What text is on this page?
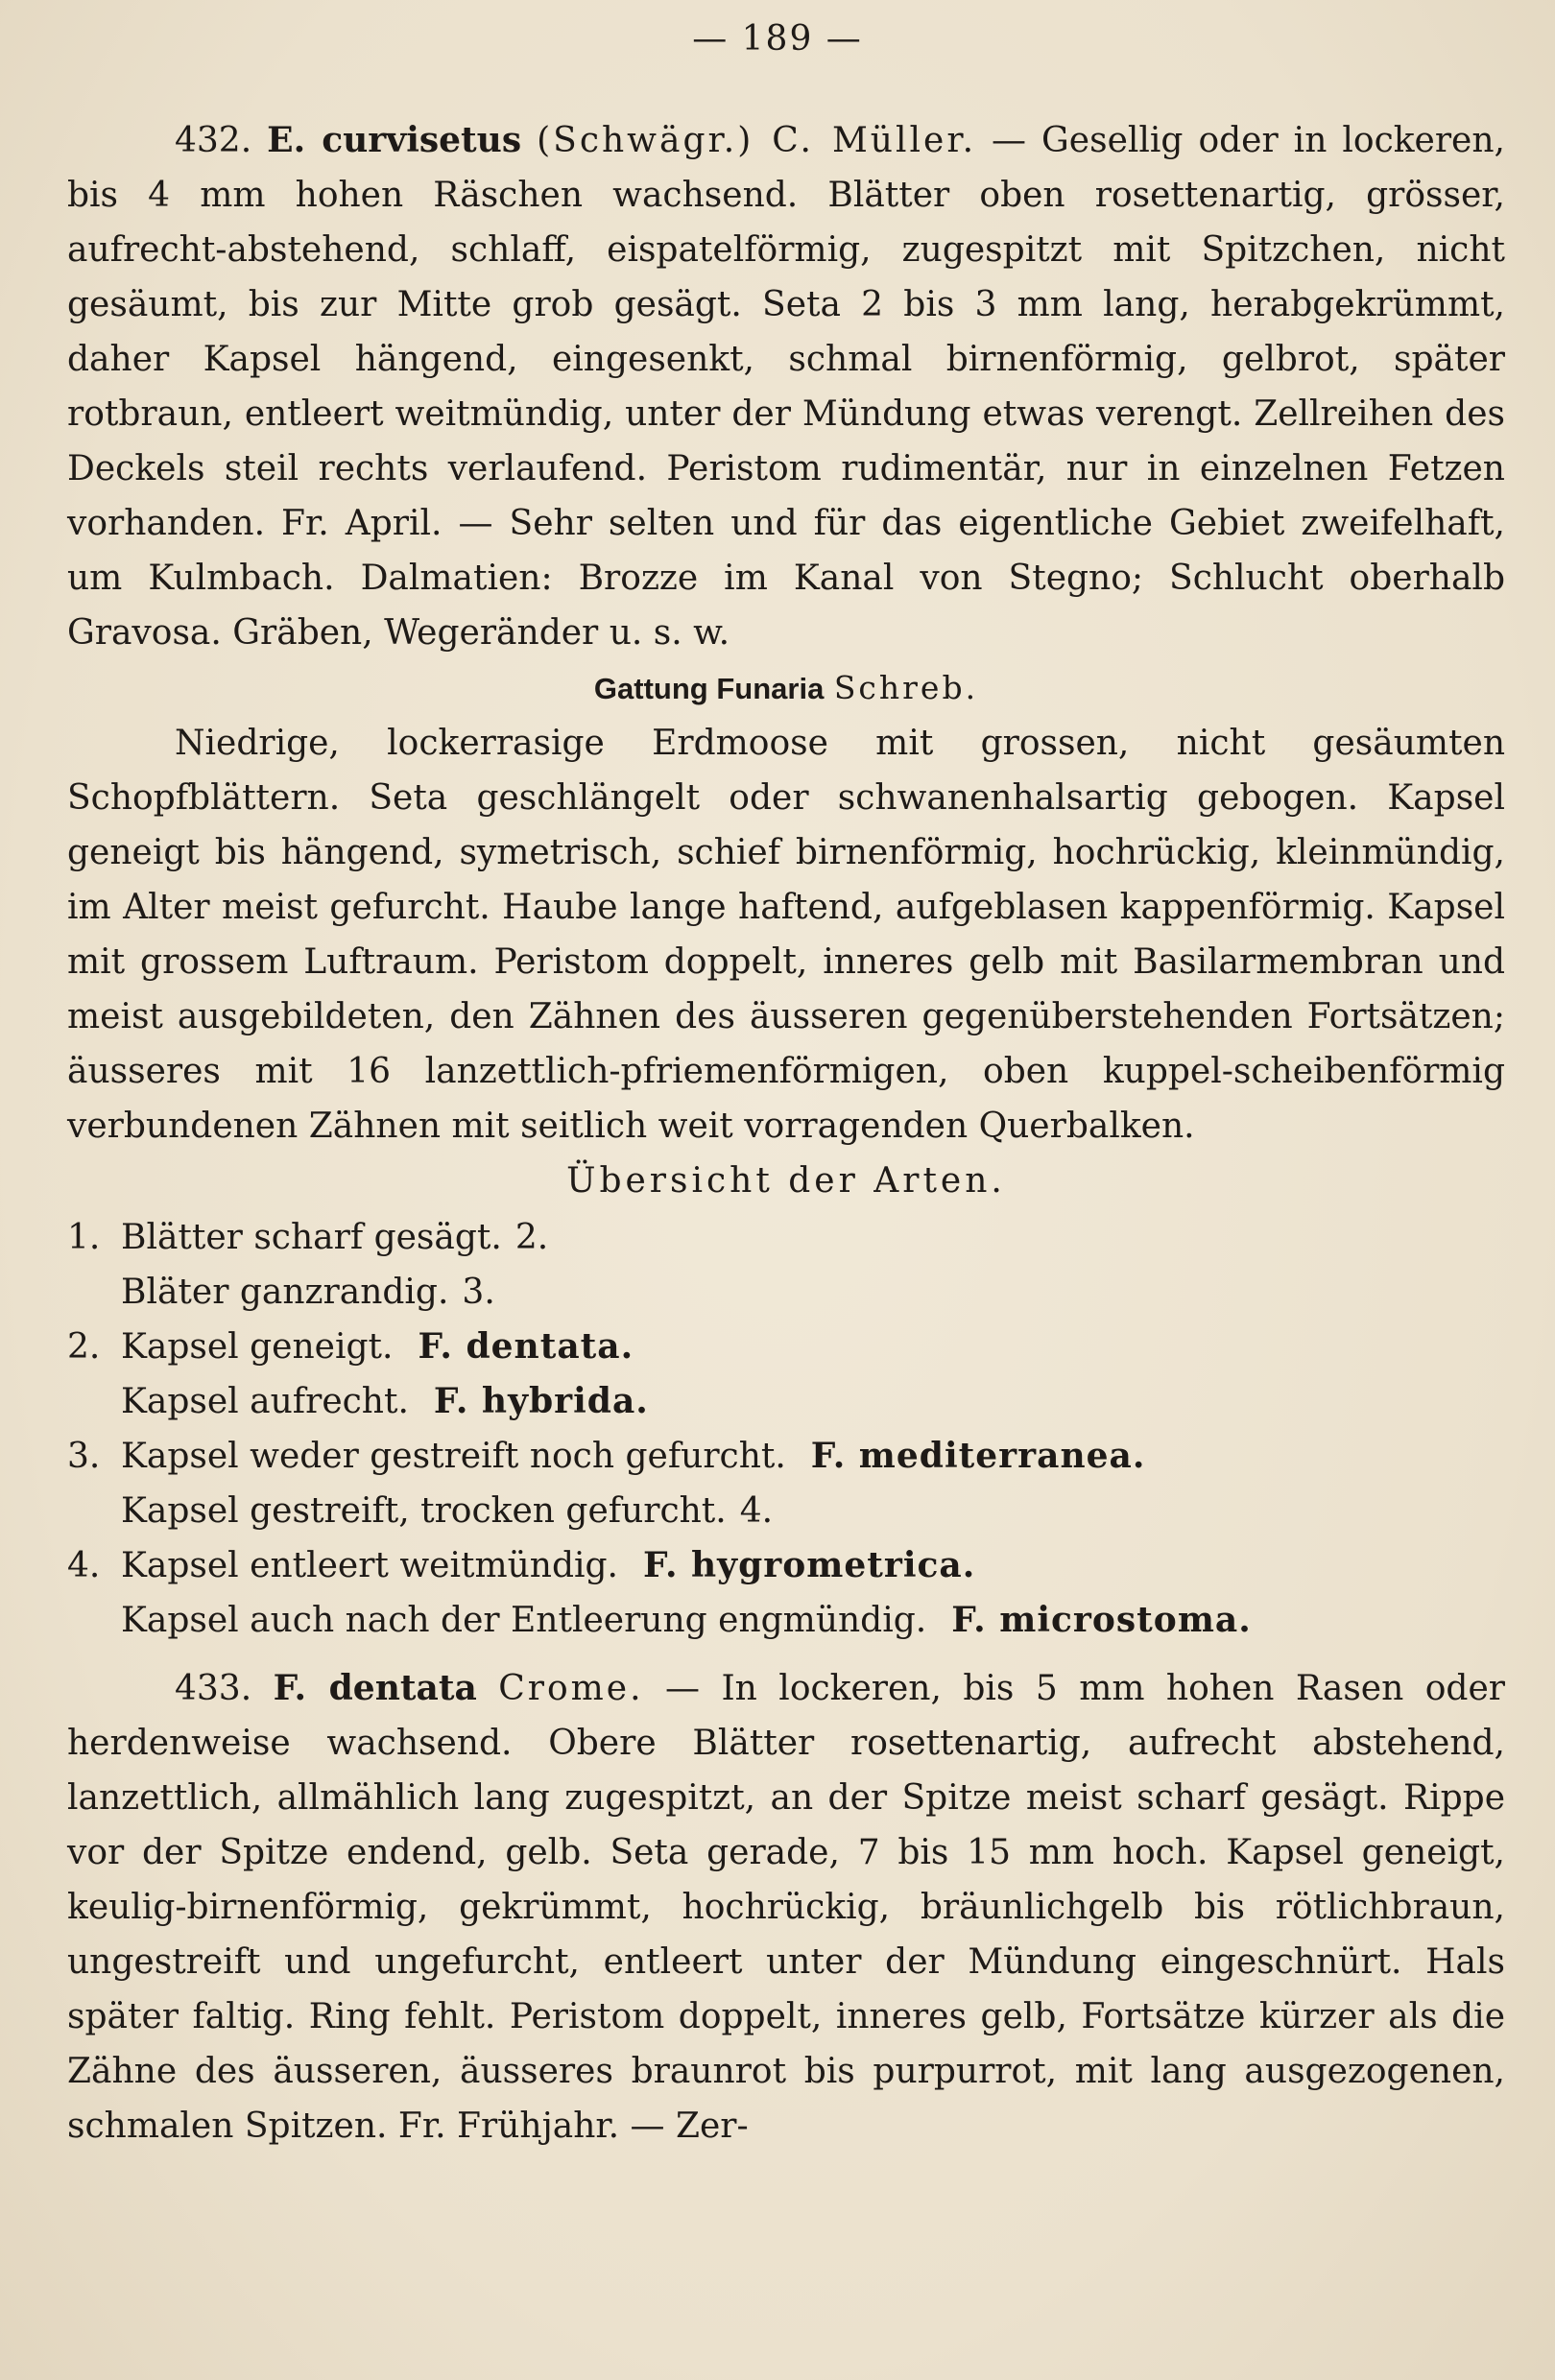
— 189 —

432. E. curvisetus (Schwägr.) C. Müller. — Gesellig oder in lockeren, bis 4 mm hohen Räschen wachsend. Blätter oben rosettenartig, grösser, aufrecht-abstehend, schlaff, eispatelförmig, zugespitzt mit Spitzchen, nicht gesäumt, bis zur Mitte grob gesägt. Seta 2 bis 3 mm lang, herabgekrümmt, daher Kapsel hängend, eingesenkt, schmal birnenförmig, gelbrot, später rotbraun, entleert weitmündig, unter der Mündung etwas verengt. Zellreihen des Deckels steil rechts verlaufend. Peristom rudimentär, nur in einzelnen Fetzen vorhanden. Fr. April. — Sehr selten und für das eigentliche Gebiet zweifelhaft, um Kulmbach. Dalmatien: Brozze im Kanal von Stegno; Schlucht oberhalb Gravosa. Gräben, Wegeränder u. s. w.

Gattung Funaria Schreb.

Niedrige, lockerrasige Erdmoose mit grossen, nicht gesäumten Schopfblättern. Seta geschlängelt oder schwanenhalsartig gebogen. Kapsel geneigt bis hängend, symetrisch, schief birnenförmig, hochrückig, kleinmündig, im Alter meist gefurcht. Haube lange haftend, aufgeblasen kappenförmig. Kapsel mit grossem Luftraum. Peristom doppelt, inneres gelb mit Basilarmembran und meist ausgebildeten, den Zähnen des äusseren gegenüberstehenden Fortsätzen; äusseres mit 16 lanzettlich-pfriemenförmigen, oben kuppel-scheibenförmig verbundenen Zähnen mit seitlich weit vorragenden Querbalken.

Übersicht der Arten.

1. Blätter scharf gesägt. 2.
Bläter ganzrandig. 3.
2. Kapsel geneigt. F. dentata.
Kapsel aufrecht. F. hybrida.
3. Kapsel weder gestreift noch gefurcht. F. mediterranea.
Kapsel gestreift, trocken gefurcht. 4.
4. Kapsel entleert weitmündig. F. hygrometrica.
Kapsel auch nach der Entleerung engmündig. F. microstoma.

433. F. dentata Crome. — In lockeren, bis 5 mm hohen Rasen oder herdenweise wachsend. Obere Blätter rosettenartig, aufrecht abstehend, lanzettlich, allmählich lang zugespitzt, an der Spitze meist scharf gesägt. Rippe vor der Spitze endend, gelb. Seta gerade, 7 bis 15 mm hoch. Kapsel geneigt, keulig-birnenförmig, gekrümmt, hochrückig, bräunlichgelb bis rötlichbraun, ungestreift und ungefurcht, entleert unter der Mündung eingeschnürt. Hals später faltig. Ring fehlt. Peristom doppelt, inneres gelb, Fortsätze kürzer als die Zähne des äusseren, äusseres braunrot bis purpurrot, mit lang ausgezogenen, schmalen Spitzen. Fr. Frühjahr. — Zer-
